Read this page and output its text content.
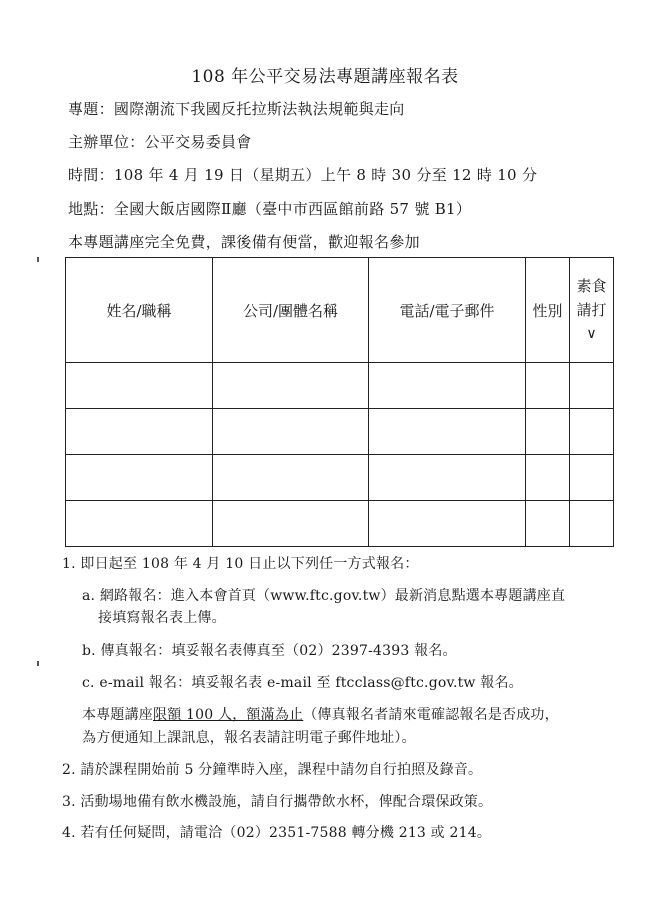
108 年公平交易法專題講座報名表
專題：國際潮流下我國反托拉斯法執法規範與走向
主辦單位：公平交易委員會
時間：108 年 4 月 19 日（星期五）上午 8 時 30 分至 12 時 10 分
地點：全國大飯店國際Ⅱ廳（臺中市西區館前路 57 號 B1）
本專題講座完全免費，課後備有便當，歡迎報名參加
姓名/職稱	公司/團體名稱	電話/電子郵件	性別	素食
請打
∨

1. 即日起至 108 年 4 月 10 日止以下列任一方式報名：
a. 網路報名：進入本會首頁（www.ftc.gov.tw）最新消息點選本專題講座直
接填寫報名表上傳。
b. 傳真報名：填妥報名表傳真至（02）2397-4393 報名。
c. e-mail 報名：填妥報名表 e-mail 至 ftcclass@ftc.gov.tw 報名。
本專題講座限額 100 人，額滿為止（傳真報名者請來電確認報名是否成功，
為方便通知上課訊息，報名表請註明電子郵件地址）。
2. 請於課程開始前 5 分鐘準時入座，課程中請勿自行拍照及錄音。
3. 活動場地備有飲水機設施，請自行攜帶飲水杯，俾配合環保政策。
4. 若有任何疑問，請電洽（02）2351-7588 轉分機 213 或 214。
